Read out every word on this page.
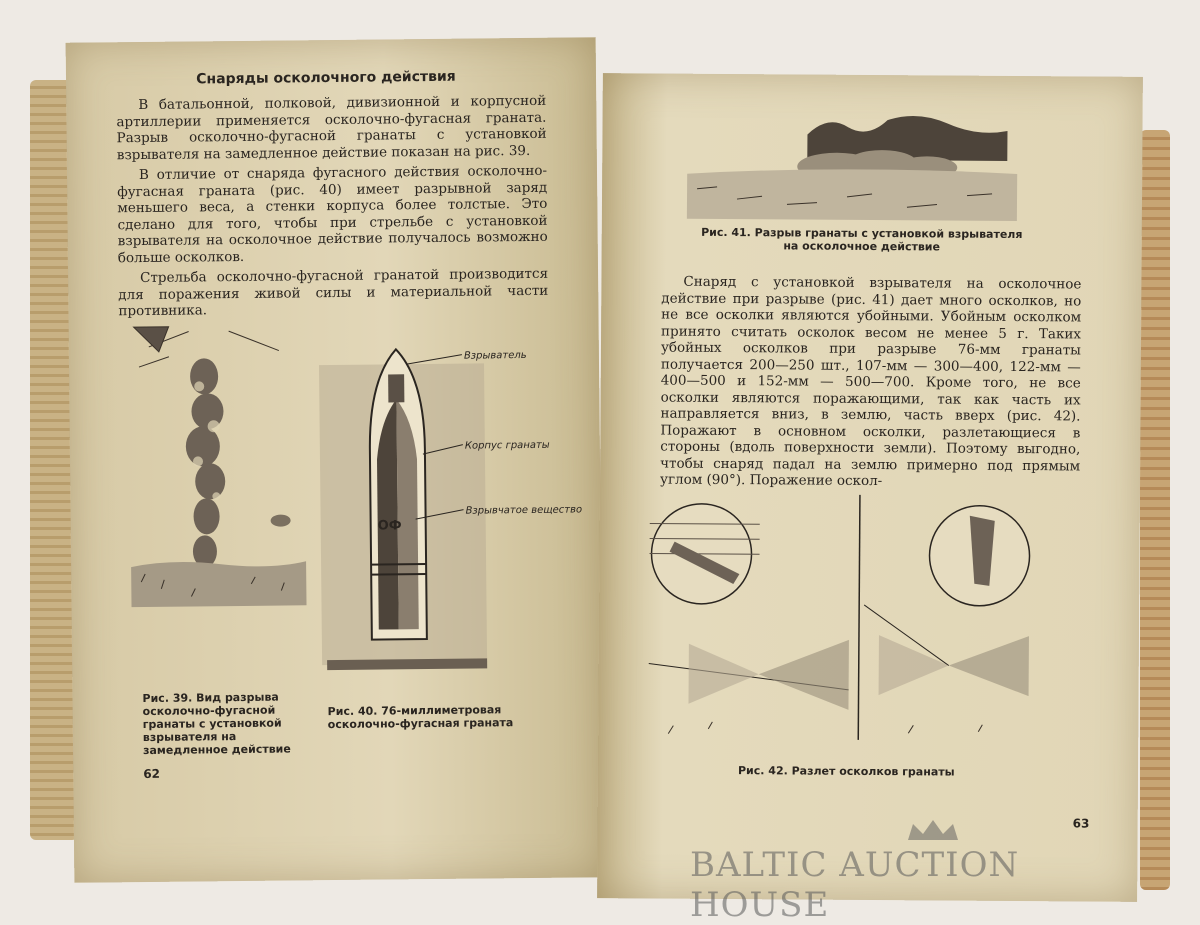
Снаряды осколочного действия
В батальонной, полковой, дивизионной и корпусной артиллерии применяется осколочно-фугасная граната. Разрыв осколочно-фугасной гранаты с установкой взрывателя на замедленное действие показан на рис. 39.
В отличие от снаряда фугасного действия осколочно-фугасная граната (рис. 40) имеет разрывной заряд меньшего веса, а стенки корпуса более толстые. Это сделано для того, чтобы при стрельбе с установкой взрывателя на осколочное действие получалось возможно больше осколков.
Стрельба осколочно-фугасной гранатой производится для поражения живой силы и материальной части противника.
Взрыватель
Корпус гранаты
Взрывчатое вещество
ОФ
Рис. 39. Вид разрыва осколочно-фугасной гранаты с установкой взрывателя на замедленное действие
Рис. 40. 76-миллиметровая осколочно-фугасная граната
62
Рис. 41. Разрыв гранаты с установкой взрывателя на осколочное действие
Снаряд с установкой взрывателя на осколочное действие при разрыве (рис. 41) дает много осколков, но не все осколки являются убойными. Убойным осколком принято считать осколок весом не менее 5 г. Таких убойных осколков при разрыве 76-мм гранаты получается 200—250 шт., 107-мм — 300—400, 122-мм — 400—500 и 152-мм — 500—700. Кроме того, не все осколки являются поражающими, так как часть их направляется вниз, в землю, часть вверх (рис. 42). Поражают в основном осколки, разлетающиеся в стороны (вдоль поверхности земли). Поэтому выгодно, чтобы снаряд падал на землю примерно под прямым углом (90°). Поражение оскол-
Рис. 42. Разлет осколков гранаты
63
BALTIC AUCTION HOUSE
